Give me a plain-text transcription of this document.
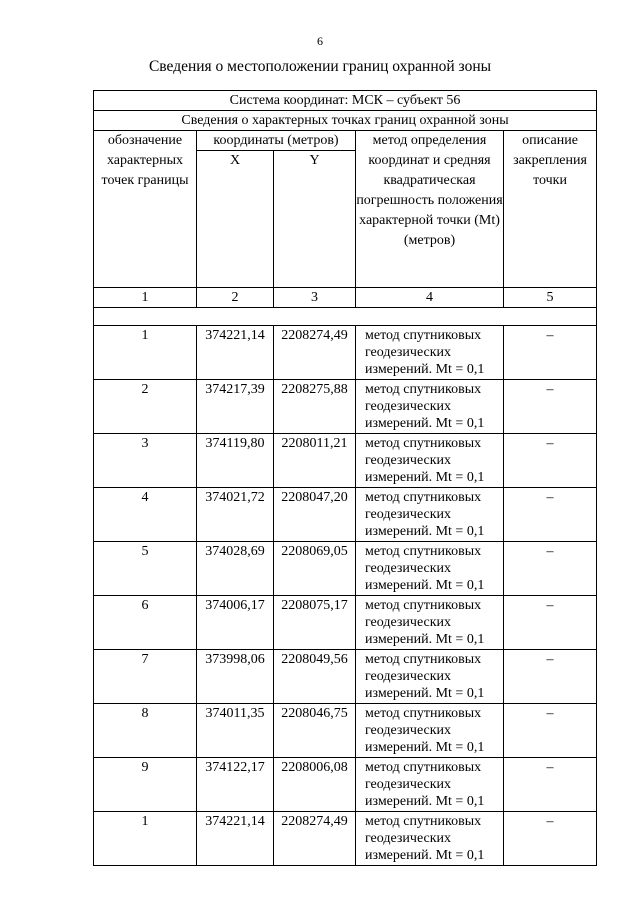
6
Сведения о местоположении границ охранной зоны
Система координат: МСК – субъект 56				
Сведения о характерных точках границ охранной зоны				
обозначение характерных точек границы	координаты (метров)		метод определения координат и средняя квадратическая погрешность положения характерной точки (Mt) (метров)	описание закрепления точки
	X	Y		
1	2	3	4	5

1	374221,14	2208274,49	метод спутниковых геодезических измерений. Mt = 0,1	–
2	374217,39	2208275,88	метод спутниковых геодезических измерений. Mt = 0,1	–
3	374119,80	2208011,21	метод спутниковых геодезических измерений. Mt = 0,1	–
4	374021,72	2208047,20	метод спутниковых геодезических измерений. Mt = 0,1	–
5	374028,69	2208069,05	метод спутниковых геодезических измерений. Mt = 0,1	–
6	374006,17	2208075,17	метод спутниковых геодезических измерений. Mt = 0,1	–
7	373998,06	2208049,56	метод спутниковых геодезических измерений. Mt = 0,1	–
8	374011,35	2208046,75	метод спутниковых геодезических измерений. Mt = 0,1	–
9	374122,17	2208006,08	метод спутниковых геодезических измерений. Mt = 0,1	–
1	374221,14	2208274,49	метод спутниковых геодезических измерений. Mt = 0,1	–
